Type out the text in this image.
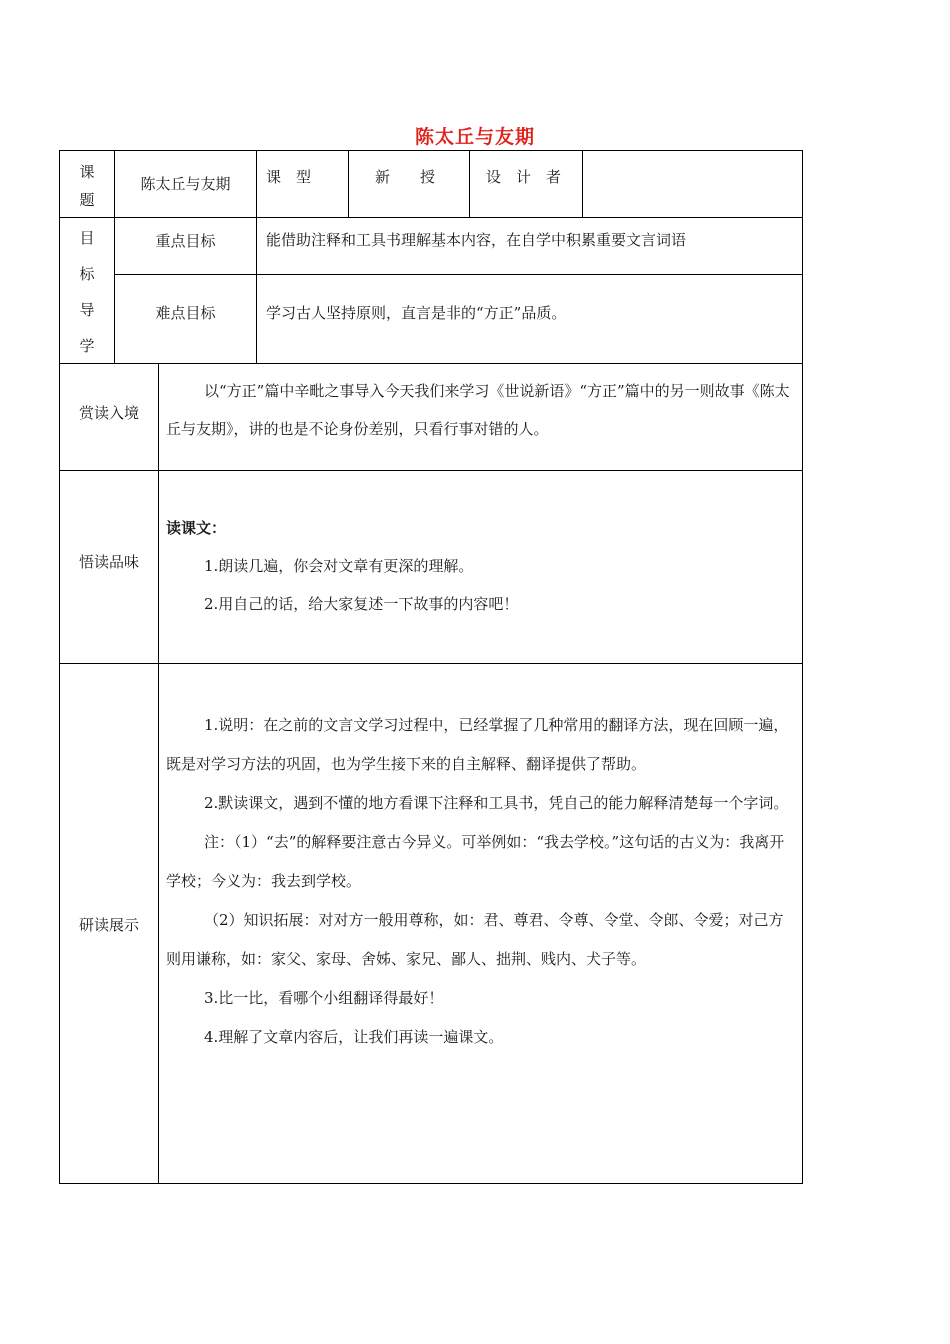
陈太丘与友期
课
题
陈太丘与友期	课　型	新　　授	设　计　者
目
标
导
学
重点目标	能借助注释和工具书理解基本内容，在自学中积累重要文言词语
难点目标	学习古人坚持原则，直言是非的“方正”品质。
赏读入境

以“方正”篇中辛毗之事导入今天我们来学习《世说新语》“方正”篇中的另一则故事《陈太丘与友期》，讲的也是不论身份差别，只看行事对错的人。

悟读品味

读课文：

1.朗读几遍，你会对文章有更深的理解。

2.用自己的话，给大家复述一下故事的内容吧！

研读展示

1.说明：在之前的文言文学习过程中，已经掌握了几种常用的翻译方法，现在回顾一遍，既是对学习方法的巩固，也为学生接下来的自主解释、翻译提供了帮助。

2.默读课文，遇到不懂的地方看课下注释和工具书，凭自己的能力解释清楚每一个字词。

注：（1）“去”的解释要注意古今异义。可举例如：“我去学校。”这句话的古义为：我离开学校；今义为：我去到学校。

（2）知识拓展：对对方一般用尊称，如：君、尊君、令尊、令堂、令郎、令爱；对己方则用谦称，如：家父、家母、舍姊、家兄、鄙人、拙荆、贱内、犬子等。

3.比一比，看哪个小组翻译得最好！

4.理解了文章内容后，让我们再读一遍课文。
